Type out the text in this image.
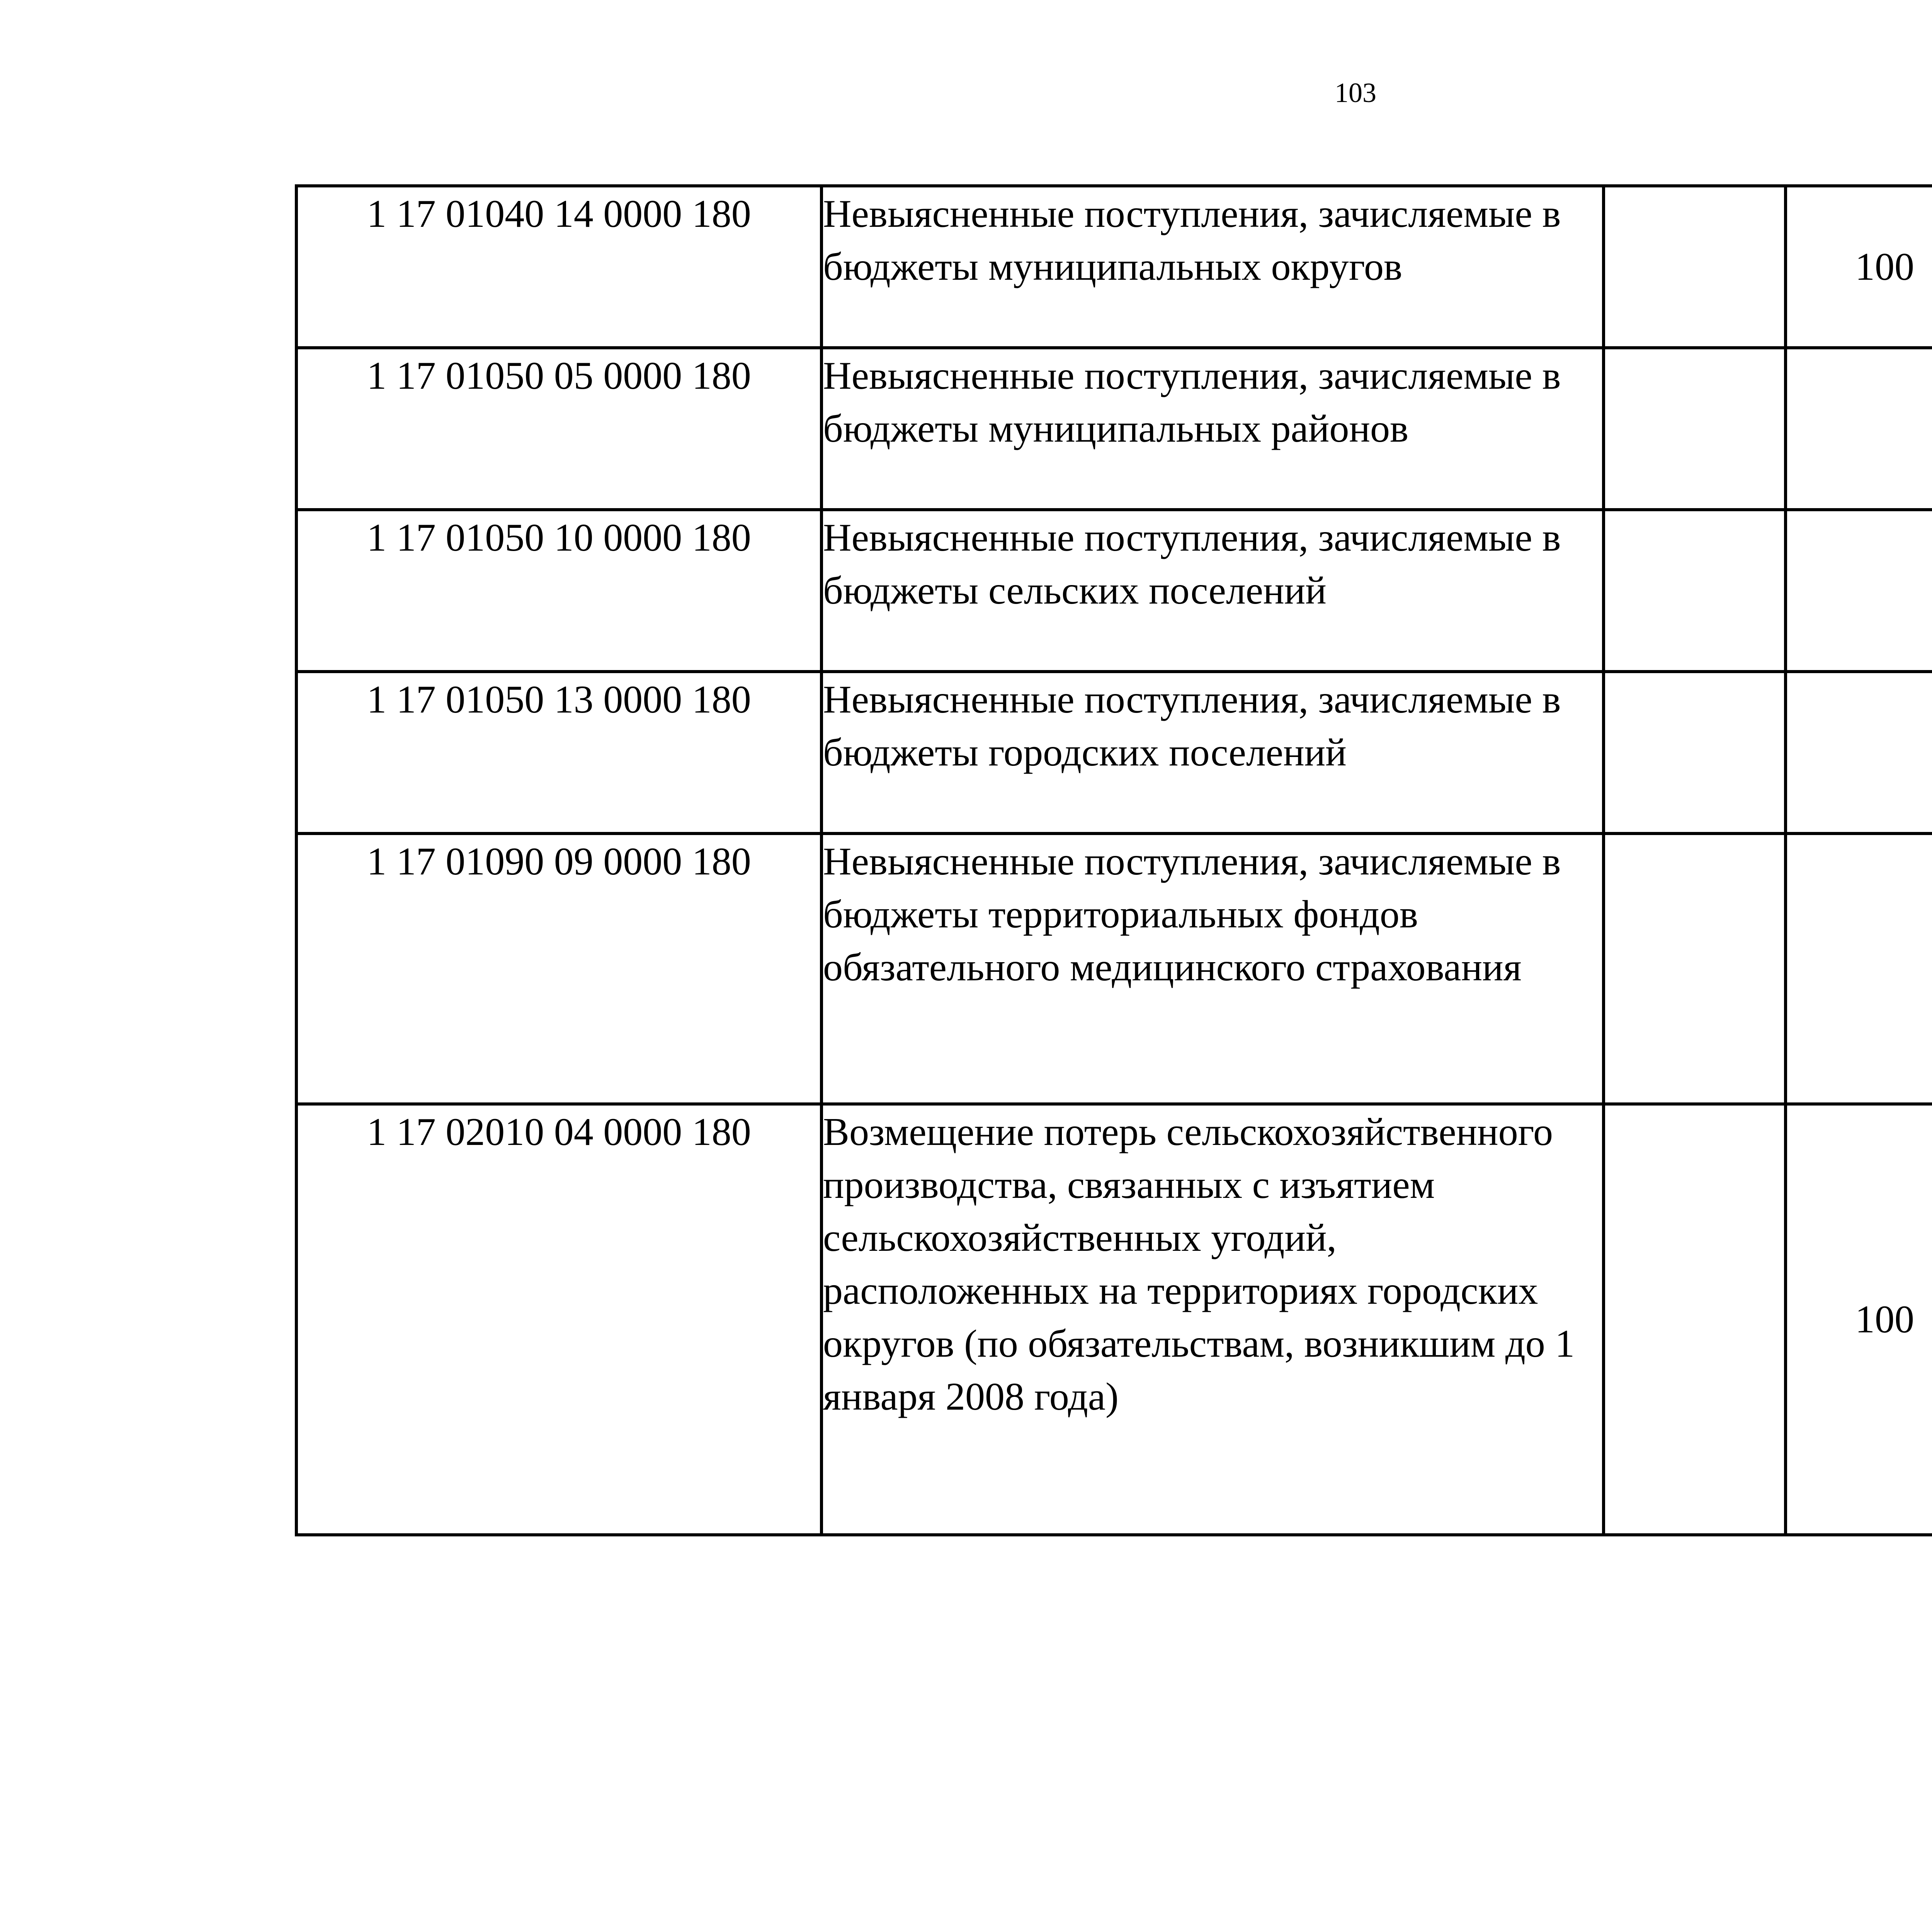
103
1 17 01040 14 0000 180	Невыясненные поступления, зачисляемые в бюджеты муниципальных округов		100			
1 17 01050 05 0000 180	Невыясненные поступления, зачисляемые в бюджеты муниципальных районов					
1 17 01050 10 0000 180	Невыясненные поступления, зачисляемые в бюджеты сельских поселений					
1 17 01050 13 0000 180	Невыясненные поступления, зачисляемые в бюджеты городских поселений					
1 17 01090 09 0000 180	Невыясненные поступления, зачисляемые в бюджеты территориальных фондов обязательного медицинского страхования					
1 17 02010 04 0000 180	Возмещение потерь сельскохозяйственного производства, связанных с изъятием сельскохозяйственных угодий, расположенных на территориях городских округов (по обязательствам, возникшим до 1 января 2008 года)		100			
